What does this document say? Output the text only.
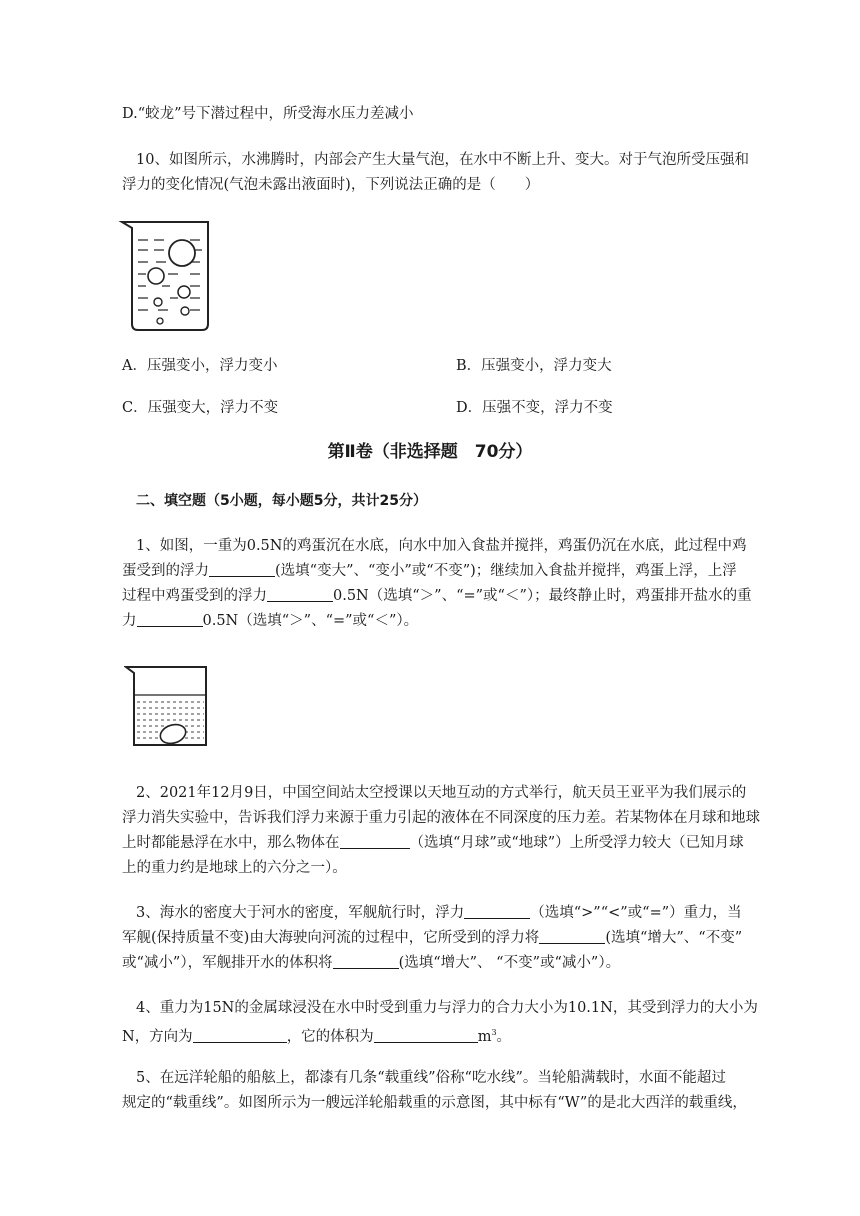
D.“蛟龙”号下潜过程中，所受海水压力差减小
10、如图所示，水沸腾时，内部会产生大量气泡，在水中不断上升、变大。对于气泡所受压强和
浮力的变化情况(气泡未露出液面时)，下列说法正确的是（　　）
A．压强变小，浮力变小	B．压强变小，浮力变大
C．压强变大，浮力不变	D．压强不变，浮力不变
第Ⅱ卷（非选择题　70分）
二、填空题（5小题，每小题5分，共计25分）
1、如图，一重为0.5N的鸡蛋沉在水底，向水中加入食盐并搅拌，鸡蛋仍沉在水底，此过程中鸡
蛋受到的浮力	(选填“变大”、“变小”或“不变”)；继续加入食盐并搅拌，鸡蛋上浮，上浮
过程中鸡蛋受到的浮力	0.5N（选填“＞”、“=”或“＜”）；最终静止时，鸡蛋排开盐水的重
力	0.5N（选填“＞”、“=”或“＜”）。
2、2021年12月9日，中国空间站太空授课以天地互动的方式举行，航天员王亚平为我们展示的
浮力消失实验中，告诉我们浮力来源于重力引起的液体在不同深度的压力差。若某物体在月球和地球
上时都能悬浮在水中，那么物体在	（选填“月球”或“地球”）上所受浮力较大（已知月球
上的重力约是地球上的六分之一）。
3、海水的密度大于河水的密度，军舰航行时，浮力	（选填“>”“<”或“=”）重力，当
军舰(保持质量不变)由大海驶向河流的过程中，它所受到的浮力将	(选填“增大”、“不变”
或“减小”），军舰排开水的体积将	(选填“增大”、 “不变”或“减小”）。
4、重力为15N的金属球浸没在水中时受到重力与浮力的合力大小为10.1N，其受到浮力的大小为
N，方向为	，它的体积为	$m^3$。
5、在远洋轮船的船舷上，都漆有几条“载重线”俗称“吃水线”。当轮船满载时，水面不能超过
规定的“载重线”。如图所示为一艘远洋轮船载重的示意图，其中标有“W”的是北大西洋的载重线，
